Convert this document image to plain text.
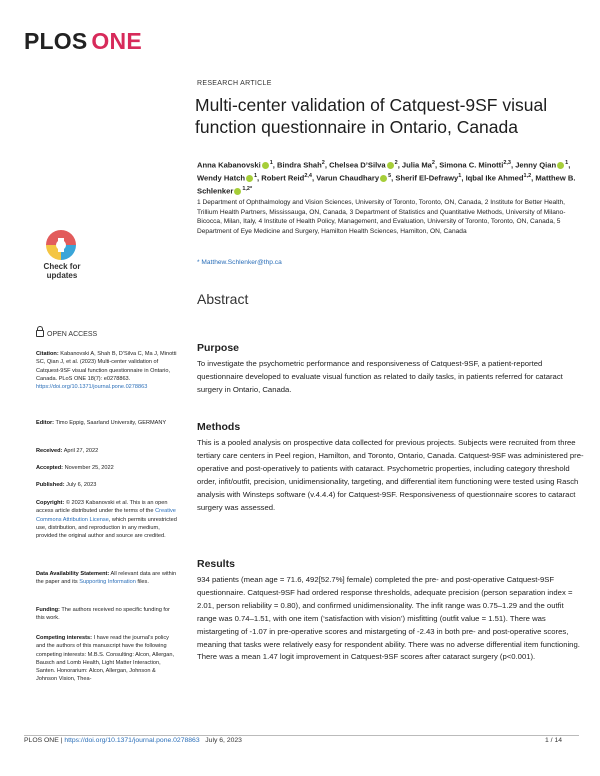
PLOS ONE
RESEARCH ARTICLE
Multi-center validation of Catquest-9SF visual function questionnaire in Ontario, Canada
Anna Kabanovski $^1$, Bindra Shah$^2$, Chelsea D’Silva $^2$, Julia Ma$^2$, Simona C. Minotti$^{2,3}$, Jenny Qian $^1$, Wendy Hatch $^1$, Robert Reid$^{2,4}$, Varun Chaudhary $^5$, Sherif El-Defrawy$^1$, Iqbal Ike Ahmed$^{1,2}$, Matthew B. Schlenker $^{1,2*}$
1 Department of Ophthalmology and Vision Sciences, University of Toronto, Toronto, ON, Canada, 2 Institute for Better Health, Trillium Health Partners, Mississauga, ON, Canada, 3 Department of Statistics and Quantitative Methods, University of Milano-Bicocca, Milan, Italy, 4 Institute of Health Policy, Management, and Evaluation, University of Toronto, Toronto, ON, Canada, 5 Department of Eye Medicine and Surgery, Hamilton Health Sciences, Hamilton, ON, Canada
* Matthew.Schlenker@thp.ca
Abstract
Purpose
To investigate the psychometric performance and responsiveness of Catquest-9SF, a patient-reported questionnaire developed to evaluate visual function as related to daily tasks, in patients referred for cataract surgery in Ontario, Canada.
Methods
This is a pooled analysis on prospective data collected for previous projects. Subjects were recruited from three tertiary care centers in Peel region, Hamilton, and Toronto, Ontario, Canada. Catquest-9SF was administered pre-operative and post-operatively to patients with cataract. Psychometric properties, including category threshold order, infit/outfit, precision, unidimensionality, targeting, and differential item functioning were tested using Rasch analysis with Winsteps software (v.4.4.4) for Catquest-9SF. Responsiveness of questionnaire scores to cataract surgery was assessed.
Results
934 patients (mean age = 71.6, 492[52.7%] female) completed the pre- and post-operative Catquest-9SF questionnaire. Catquest-9SF had ordered response thresholds, adequate precision (person separation index = 2.01, person reliability = 0.80), and confirmed unidimensionality. The infit range was 0.75–1.29 and the outfit range was 0.74–1.51, with one item (‘satisfaction with vision’) misfitting (outfit value = 1.51). There was mistargeting of -1.07 in pre-operative scores and mistargeting of -2.43 in both pre- and post-operative scores, meaning that tasks were relatively easy for respondent ability. There was no adverse differential item functioning. There was a mean 1.47 logit improvement in Catquest-9SF scores after cataract surgery (p<0.001).
Check for updates
OPEN ACCESS
Citation: Kabanovski A, Shah B, D’Silva C, Ma J, Minotti SC, Qian J, et al. (2023) Multi-center validation of Catquest-9SF visual function questionnaire in Ontario, Canada. PLoS ONE 18(7): e0278863. https://doi.org/10.1371/journal.pone.0278863
Editor: Timo Eppig, Saarland University, GERMANY
Received: April 27, 2022
Accepted: November 25, 2022
Published: July 6, 2023
Copyright: © 2023 Kabanovski et al. This is an open access article distributed under the terms of the Creative Commons Attribution License, which permits unrestricted use, distribution, and reproduction in any medium, provided the original author and source are credited.
Data Availability Statement: All relevant data are within the paper and its Supporting Information files.
Funding: The authors received no specific funding for this work.
Competing interests: I have read the journal’s policy and the authors of this manuscript have the following competing interests: M.B.S. Consulting: Alcon, Allergan, Bausch and Lomb Health, Light Matter Interaction, Santen. Honorarium: Alcon, Allergan, Johnson & Johnson Vision, Thea-
PLOS ONE | https://doi.org/10.1371/journal.pone.0278863 July 6, 2023	1 / 14
